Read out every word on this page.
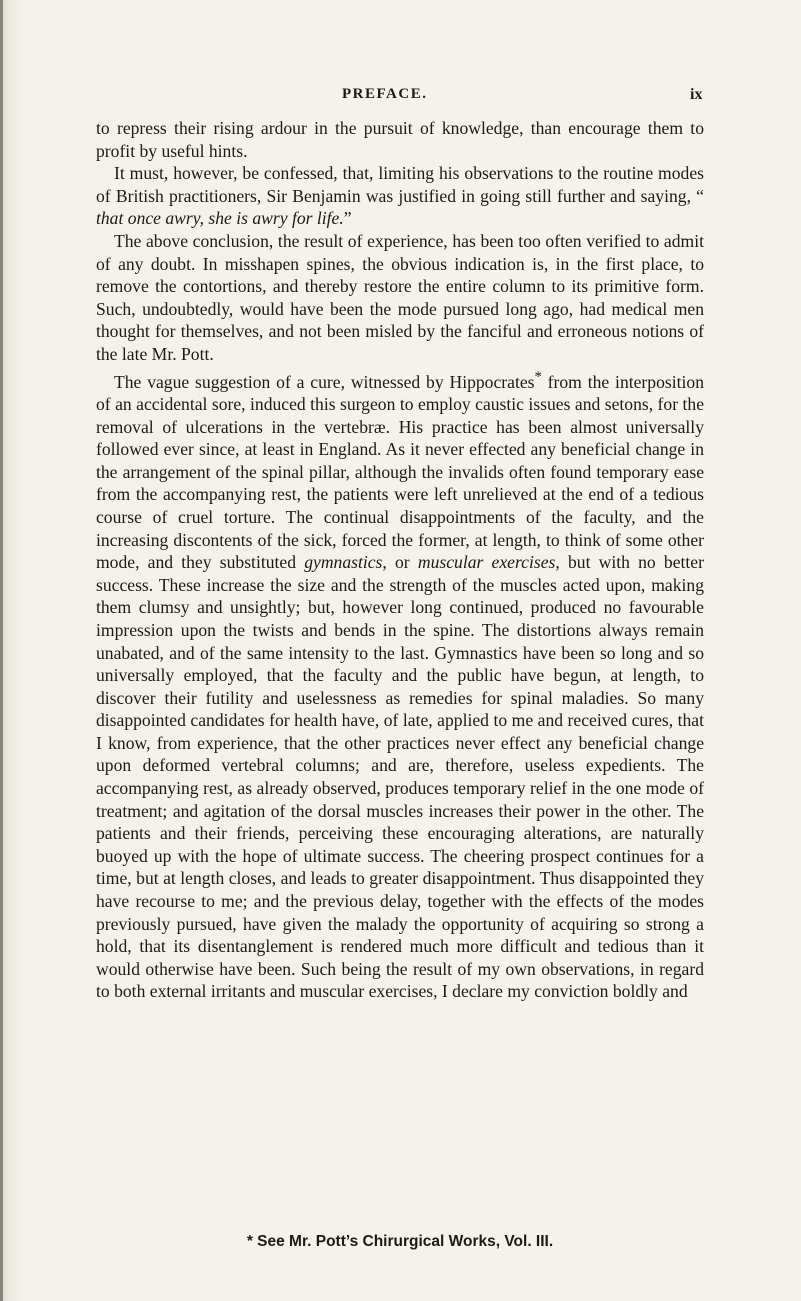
PREFACE.	ix

to repress their rising ardour in the pursuit of knowledge, than encourage them to profit by useful hints.

It must, however, be confessed, that, limiting his observations to the routine modes of British practitioners, Sir Benjamin was justified in going still further and saying, “ that once awry, she is awry for life.”

The above conclusion, the result of experience, has been too often verified to admit of any doubt. In misshapen spines, the obvious indication is, in the first place, to remove the contortions, and thereby restore the entire column to its primitive form. Such, undoubtedly, would have been the mode pursued long ago, had medical men thought for themselves, and not been misled by the fanciful and erroneous notions of the late Mr. Pott.

The vague suggestion of a cure, witnessed by Hippocrates* from the interposition of an accidental sore, induced this surgeon to employ caustic issues and setons, for the removal of ulcerations in the vertebræ. His practice has been almost universally followed ever since, at least in England. As it never effected any beneficial change in the arrangement of the spinal pillar, although the invalids often found temporary ease from the accompanying rest, the patients were left unrelieved at the end of a tedious course of cruel torture. The continual disappointments of the faculty, and the increasing discontents of the sick, forced the former, at length, to think of some other mode, and they substituted gymnastics, or muscular exercises, but with no better success. These increase the size and the strength of the muscles acted upon, making them clumsy and unsightly; but, however long continued, produced no favourable impression upon the twists and bends in the spine. The distortions always remain unabated, and of the same intensity to the last. Gymnastics have been so long and so universally employed, that the faculty and the public have begun, at length, to discover their futility and uselessness as remedies for spinal maladies. So many disappointed candidates for health have, of late, applied to me and received cures, that I know, from experience, that the other practices never effect any beneficial change upon deformed vertebral columns; and are, therefore, useless expedients. The accompanying rest, as already observed, produces temporary relief in the one mode of treatment; and agitation of the dorsal muscles increases their power in the other. The patients and their friends, perceiving these encouraging alterations, are naturally buoyed up with the hope of ultimate success. The cheering prospect continues for a time, but at length closes, and leads to greater disappointment. Thus disappointed they have recourse to me; and the previous delay, together with the effects of the modes previously pursued, have given the malady the opportunity of acquiring so strong a hold, that its disentanglement is rendered much more difficult and tedious than it would otherwise have been. Such being the result of my own observations, in regard to both external irritants and muscular exercises, I declare my conviction boldly and

* See Mr. Pott’s Chirurgical Works, Vol. III.
